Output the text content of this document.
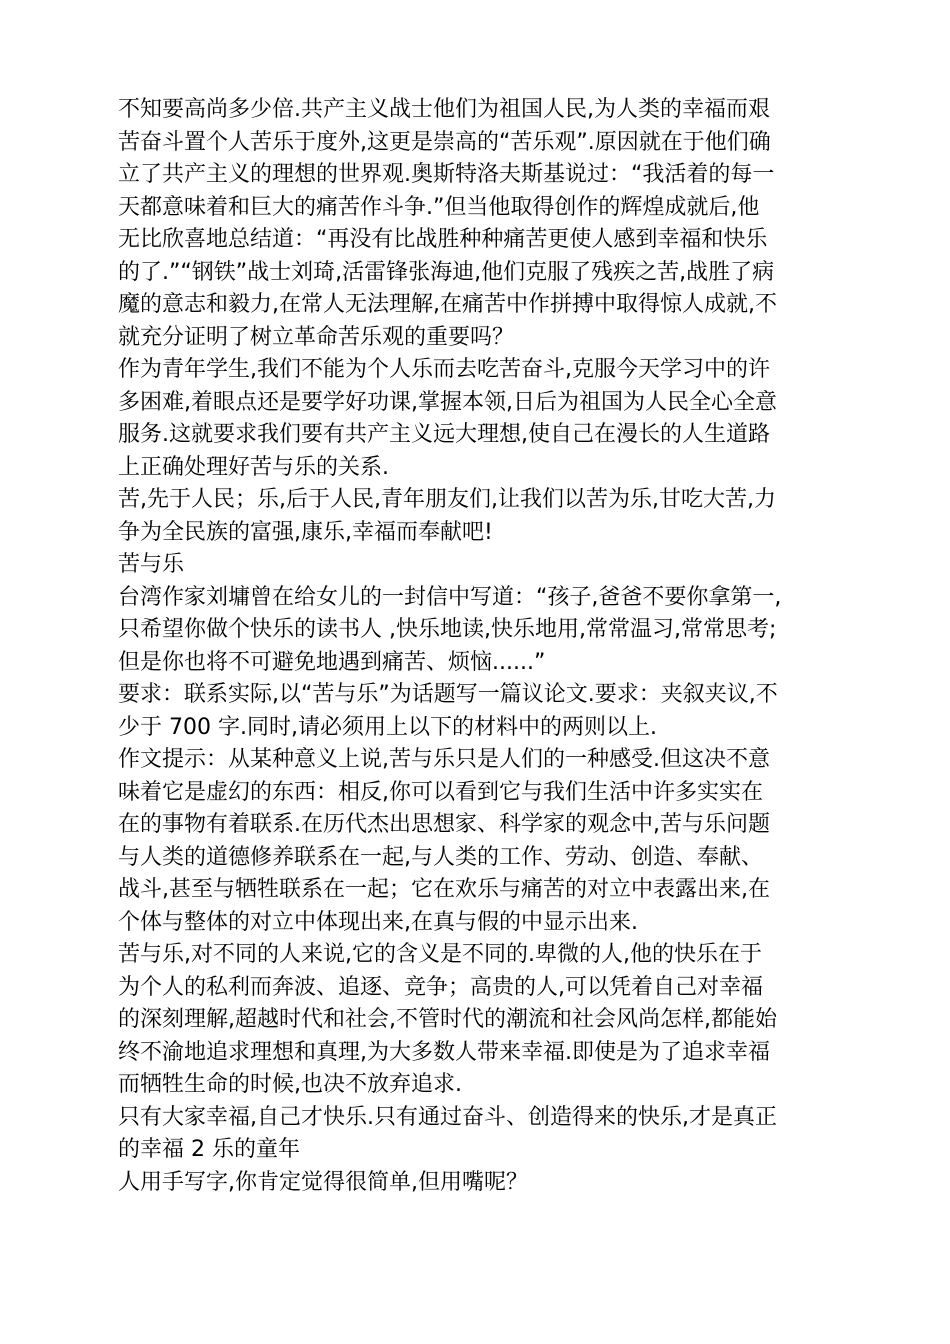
不知要高尚多少倍.共产主义战士他们为祖国人民,为人类的幸福而艰
苦奋斗置个人苦乐于度外,这更是崇高的“苦乐观”.原因就在于他们确
立了共产主义的理想的世界观.奥斯特洛夫斯基说过：“我活着的每一
天都意味着和巨大的痛苦作斗争.”但当他取得创作的辉煌成就后,他
无比欣喜地总结道：“再没有比战胜种种痛苦更使人感到幸福和快乐
的了.”“钢铁”战士刘琦,活雷锋张海迪,他们克服了残疾之苦,战胜了病
魔的意志和毅力,在常人无法理解,在痛苦中作拼搏中取得惊人成就,不
就充分证明了树立革命苦乐观的重要吗？
作为青年学生,我们不能为个人乐而去吃苦奋斗,克服今天学习中的许
多困难,着眼点还是要学好功课,掌握本领,日后为祖国为人民全心全意
服务.这就要求我们要有共产主义远大理想,使自己在漫长的人生道路
上正确处理好苦与乐的关系.
苦,先于人民；乐,后于人民,青年朋友们,让我们以苦为乐,甘吃大苦,力
争为全民族的富强,康乐,幸福而奉献吧!
苦与乐
台湾作家刘墉曾在给女儿的一封信中写道：“孩子,爸爸不要你拿第一,
只希望你做个快乐的读书人 ,快乐地读,快乐地用,常常温习,常常思考;
但是你也将不可避免地遇到痛苦、烦恼......”
要求：联系实际,以“苦与乐”为话题写一篇议论文.要求：夹叙夹议,不
少于 700 字.同时,请必须用上以下的材料中的两则以上.
作文提示：从某种意义上说,苦与乐只是人们的一种感受.但这决不意
味着它是虚幻的东西：相反,你可以看到它与我们生活中许多实实在
在的事物有着联系.在历代杰出思想家、科学家的观念中,苦与乐问题
与人类的道德修养联系在一起,与人类的工作、劳动、创造、奉献、
战斗,甚至与牺牲联系在一起；它在欢乐与痛苦的对立中表露出来,在
个体与整体的对立中体现出来,在真与假的中显示出来.
苦与乐,对不同的人来说,它的含义是不同的.卑微的人,他的快乐在于
为个人的私利而奔波、追逐、竞争；高贵的人,可以凭着自己对幸福
的深刻理解,超越时代和社会,不管时代的潮流和社会风尚怎样,都能始
终不渝地追求理想和真理,为大多数人带来幸福.即使是为了追求幸福
而牺牲生命的时候,也决不放弃追求.
只有大家幸福,自己才快乐.只有通过奋斗、创造得来的快乐,才是真正
的幸福 2 乐的童年
人用手写字,你肯定觉得很简单,但用嘴呢？
